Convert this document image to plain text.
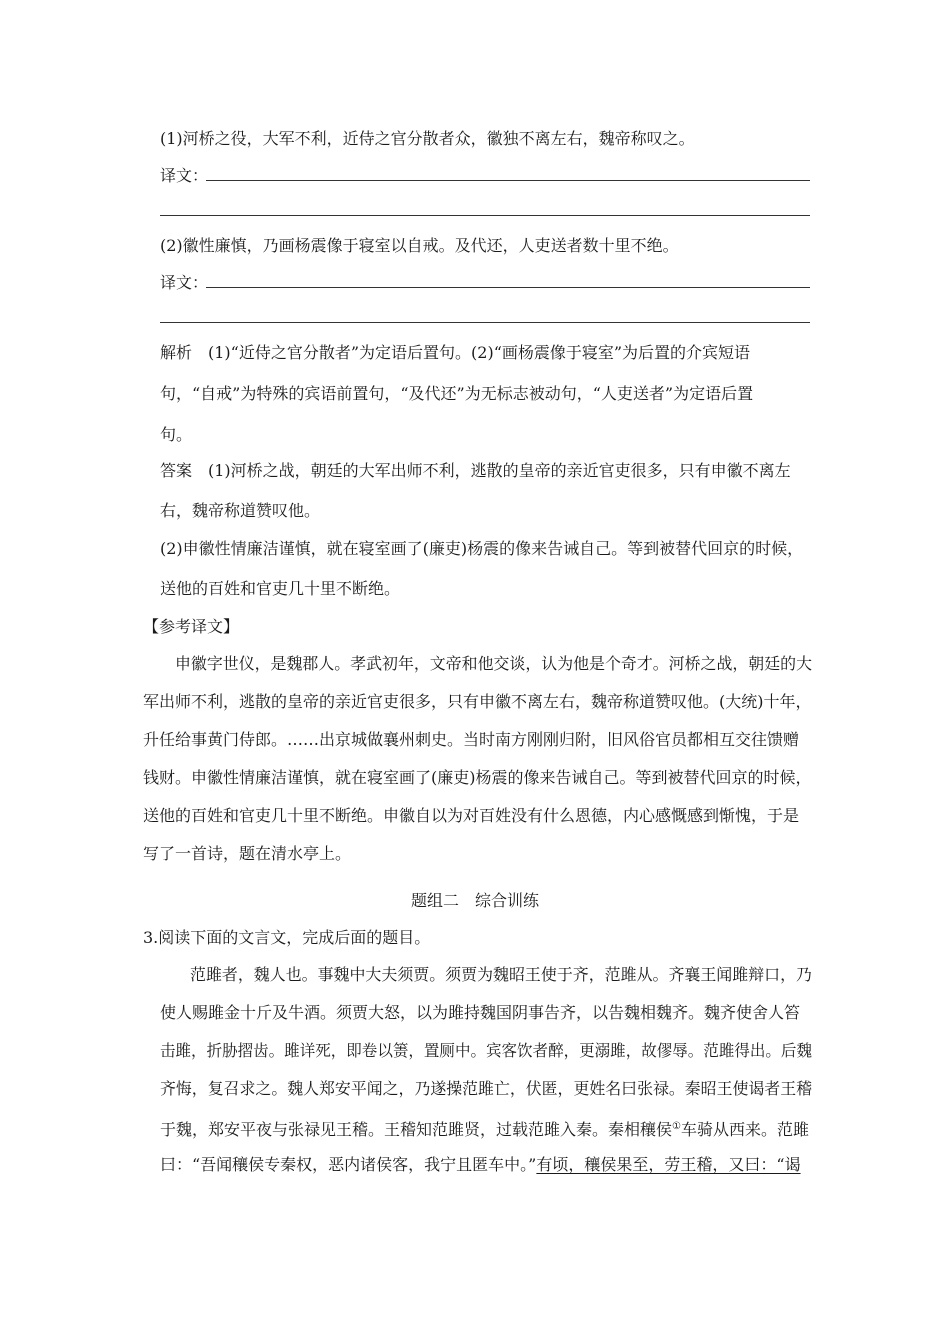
(1)河桥之役，大军不利，近侍之官分散者众，徽独不离左右，魏帝称叹之。
译文：
(2)徽性廉慎，乃画杨震像于寝室以自戒。及代还，人吏送者数十里不绝。
译文：
解析　(1)“近侍之官分散者”为定语后置句。(2)“画杨震像于寝室”为后置的介宾短语
句，“自戒”为特殊的宾语前置句，“及代还”为无标志被动句，“人吏送者”为定语后置
句。
答案　(1)河桥之战，朝廷的大军出师不利，逃散的皇帝的亲近官吏很多，只有申徽不离左
右，魏帝称道赞叹他。
(2)申徽性情廉洁谨慎，就在寝室画了(廉吏)杨震的像来告诫自己。等到被替代回京的时候，
送他的百姓和官吏几十里不断绝。
【参考译文】
申徽字世仪，是魏郡人。孝武初年，文帝和他交谈，认为他是个奇才。河桥之战，朝廷的大
军出师不利，逃散的皇帝的亲近官吏很多，只有申徽不离左右，魏帝称道赞叹他。(大统)十年，
升任给事黄门侍郎。……出京城做襄州刺史。当时南方刚刚归附，旧风俗官员都相互交往馈赠
钱财。申徽性情廉洁谨慎，就在寝室画了(廉吏)杨震的像来告诫自己。等到被替代回京的时候，
送他的百姓和官吏几十里不断绝。申徽自以为对百姓没有什么恩德，内心感慨感到惭愧，于是
写了一首诗，题在清水亭上。
题组二　综合训练
3.阅读下面的文言文，完成后面的题目。
范雎者，魏人也。事魏中大夫须贾。须贾为魏昭王使于齐，范雎从。齐襄王闻雎辩口，乃
使人赐雎金十斤及牛酒。须贾大怒，以为雎持魏国阴事告齐，以告魏相魏齐。魏齐使舍人笞
击雎，折胁摺齿。雎详死，即卷以箦，置厕中。宾客饮者醉，更溺雎，故僇辱。范雎得出。后魏
齐悔，复召求之。魏人郑安平闻之，乃遂操范雎亡，伏匿，更姓名曰张禄。秦昭王使谒者王稽
于魏，郑安平夜与张禄见王稽。王稽知范雎贤，过载范雎入秦。秦相穰侯①车骑从西来。范雎
曰：“吾闻穰侯专秦权，恶内诸侯客，我宁且匿车中。”有顷，穰侯果至，劳王稽，又曰：“谒
